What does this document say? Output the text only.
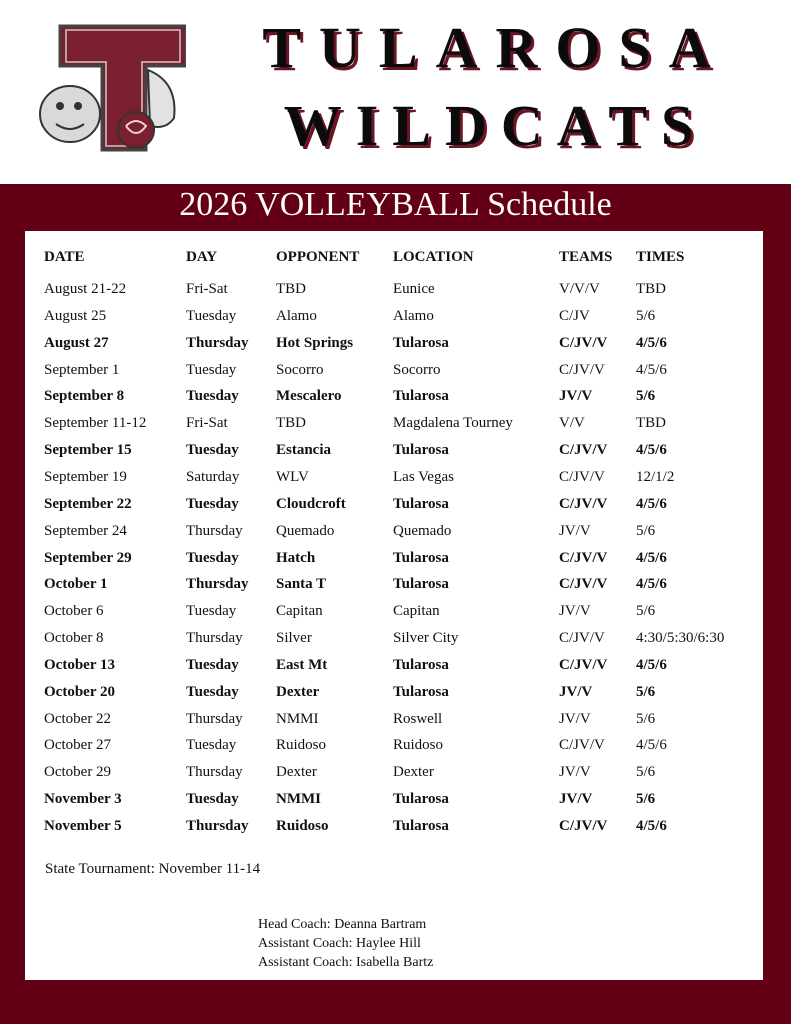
TULAROSA
WILDCATS
2026 VOLLEYBALL Schedule
DATE	DAY	OPPONENT LOCATION	TEAMS TIMES
August 21-22	Fri-Sat	TBD	Eunice	V/V/V TBD
August 25	Tuesday	Alamo	Alamo	C/JV	5/6
August 27	Thursday Hot Springs	Tularosa	C/JV/V 4/5/6
September 1	Tuesday	Socorro	Socorro	C/JV/V 4/5/6
September 8	Tuesday Mescalero	Tularosa	JV/V	5/6
September 11-12	Fri-Sat	TBD	Magdalena Tourney	V/V	TBD
September 15	Tuesday Estancia	Tularosa	C/JV/V 4/5/6
September 19	Saturday WLV	Las Vegas	C/JV/V 12/1/2
September 22	Tuesday Cloudcroft	Tularosa	C/JV/V 4/5/6
September 24	Thursday Quemado	Quemado	JV/V	5/6
September 29	Tuesday Hatch	Tularosa	C/JV/V 4/5/6
October 1	Thursday Santa T	Tularosa	C/JV/V 4/5/6
October 6	Tuesday	Capitan	Capitan	JV/V	5/6
October 8	Thursday Silver	Silver City	C/JV/V 4:30/5:30/6:30
October 13	Tuesday East Mt	Tularosa	C/JV/V 4/5/6
October 20	Tuesday Dexter	Tularosa	JV/V	5/6
October 22	Thursday NMMI	Roswell	JV/V	5/6
October 27	Tuesday	Ruidoso	Ruidoso	C/JV/V 4/5/6
October 29	Thursday Dexter	Dexter	JV/V	5/6
November 3	Tuesday NMMI	Tularosa	JV/V	5/6
November 5	Thursday Ruidoso	Tularosa	C/JV/V 4/5/6
State Tournament: November 11-14
Head Coach: Deanna Bartram
Assistant Coach: Haylee Hill
Assistant Coach: Isabella Bartz
